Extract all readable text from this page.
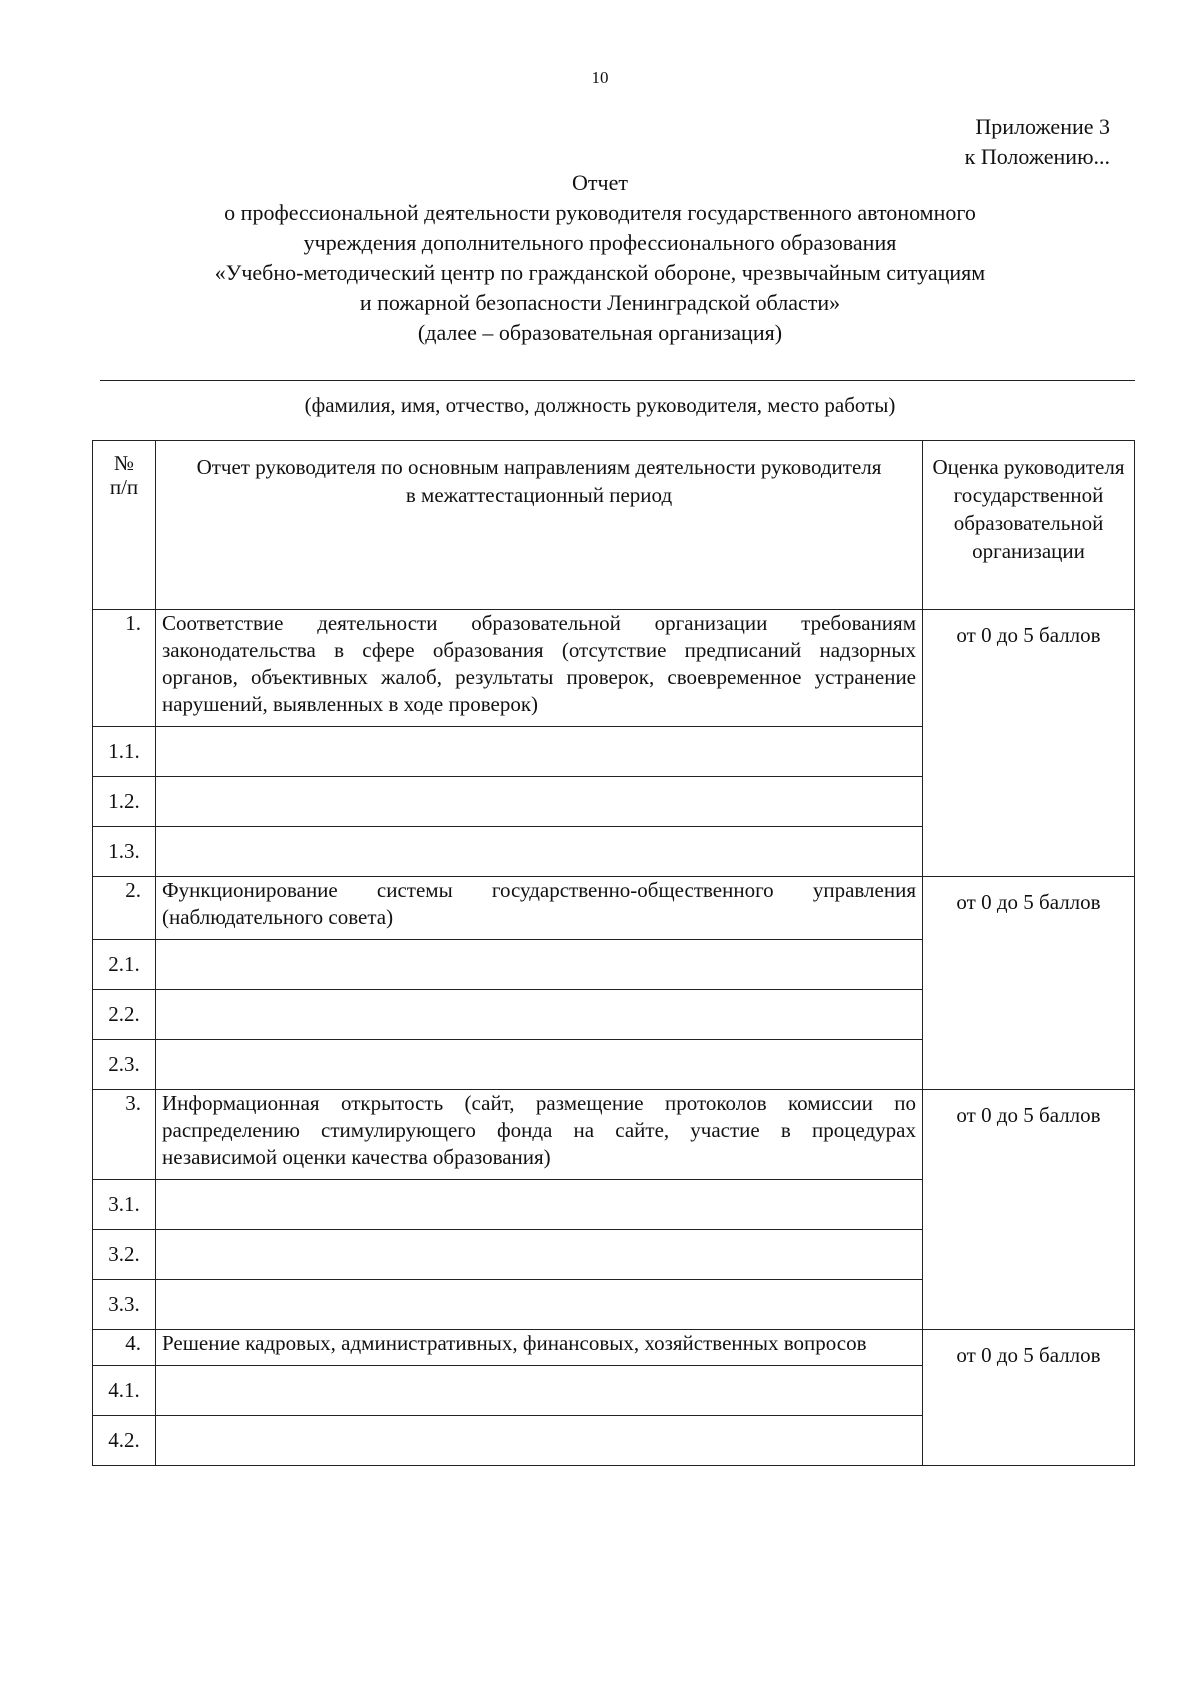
10
Приложение 3
к Положению...
Отчет
о профессиональной деятельности руководителя государственного автономного
учреждения дополнительного профессионального образования
«Учебно-методический центр по гражданской обороне, чрезвычайным ситуациям
и пожарной безопасности Ленинградской области»
(далее – образовательная организация)
(фамилия, имя, отчество, должность руководителя, место работы)
№
п/п	Отчет руководителя по основным направлениям деятельности руководителя в межаттестационный период	Оценка руководителя государственной образовательной организации

1.	Соответствие деятельности образовательной организации требованиям законодательства в сфере образования (отсутствие предписаний надзорных органов, объективных жалоб, результаты проверок, своевременное устранение нарушений, выявленных в ходе проверок)	от 0 до 5 баллов
1.1.		
1.2.		
1.3.		
2.	Функционирование системы государственно-общественного управления (наблюдательного совета)	от 0 до 5 баллов
2.1.		
2.2.		
2.3.		
3.	Информационная открытость (сайт, размещение протоколов комиссии по распределению стимулирующего фонда на сайте, участие в процедурах независимой оценки качества образования)	от 0 до 5 баллов
3.1.		
3.2.		
3.3.		
4.	Решение кадровых, административных, финансовых, хозяйственных вопросов	от 0 до 5 баллов
4.1.		
4.2.		
